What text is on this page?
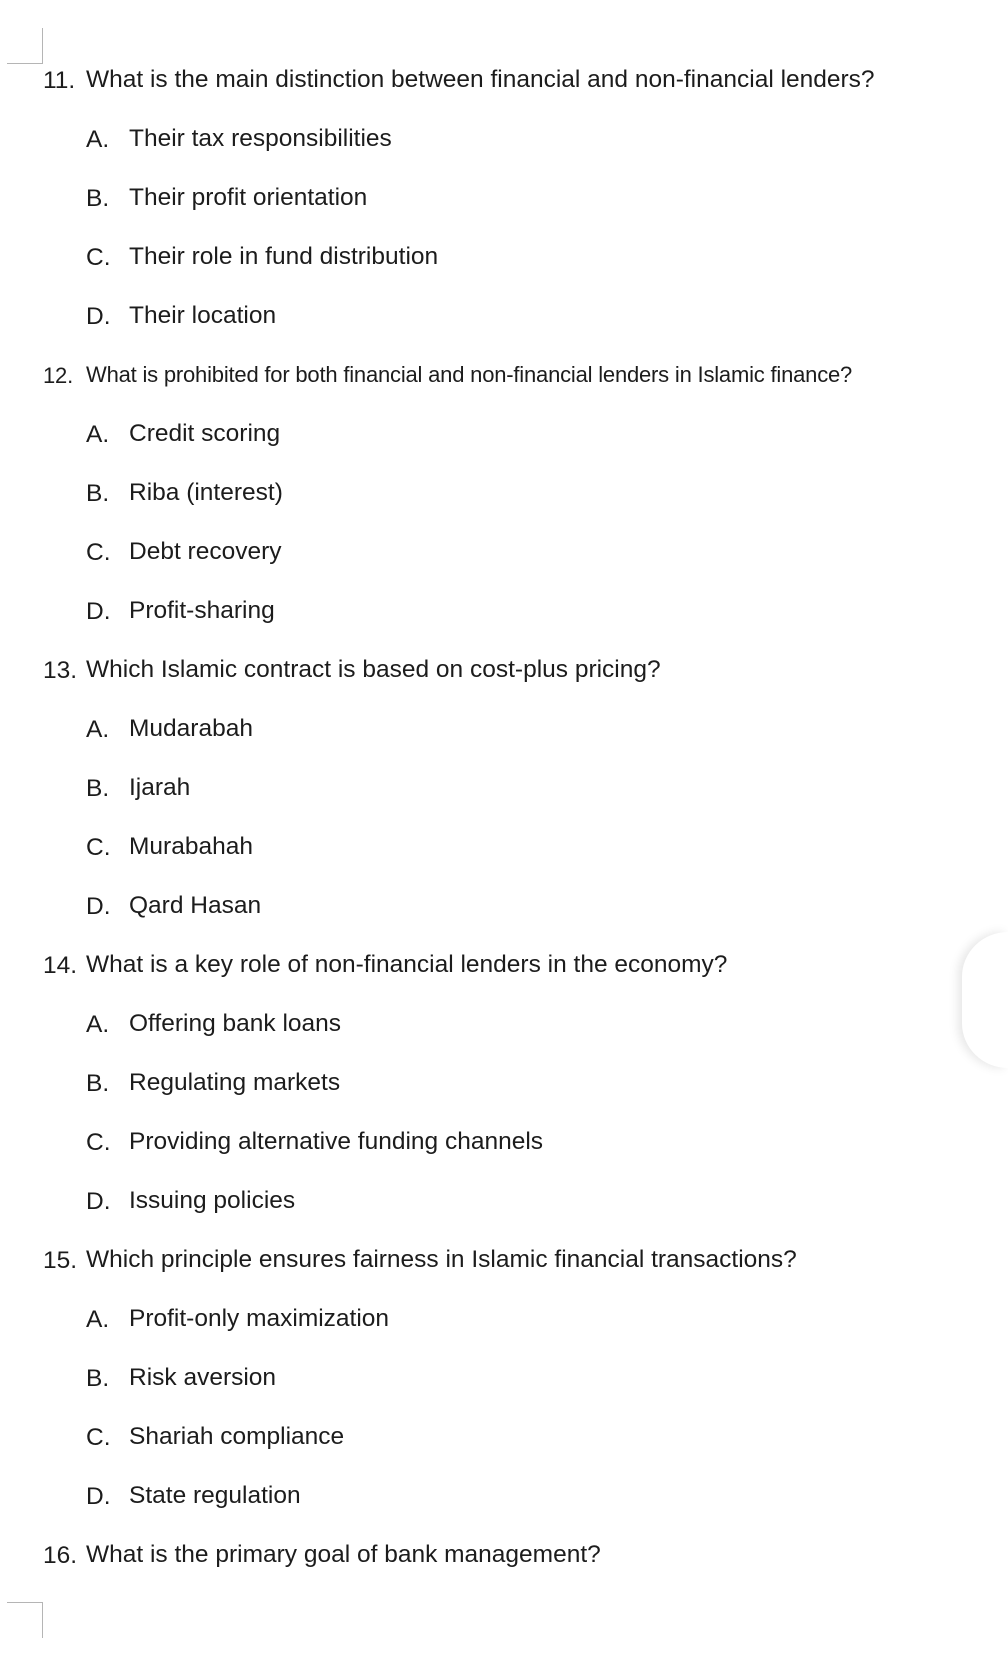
11. What is the main distinction between financial and non-financial lenders?
A. Their tax responsibilities
B. Their profit orientation
C. Their role in fund distribution
D. Their location
12. What is prohibited for both financial and non-financial lenders in Islamic finance?
A. Credit scoring
B. Riba (interest)
C. Debt recovery
D. Profit-sharing
13. Which Islamic contract is based on cost-plus pricing?
A. Mudarabah
B. Ijarah
C. Murabahah
D. Qard Hasan
14. What is a key role of non-financial lenders in the economy?
A. Offering bank loans
B. Regulating markets
C. Providing alternative funding channels
D. Issuing policies
15. Which principle ensures fairness in Islamic financial transactions?
A. Profit-only maximization
B. Risk aversion
C. Shariah compliance
D. State regulation
16. What is the primary goal of bank management?
